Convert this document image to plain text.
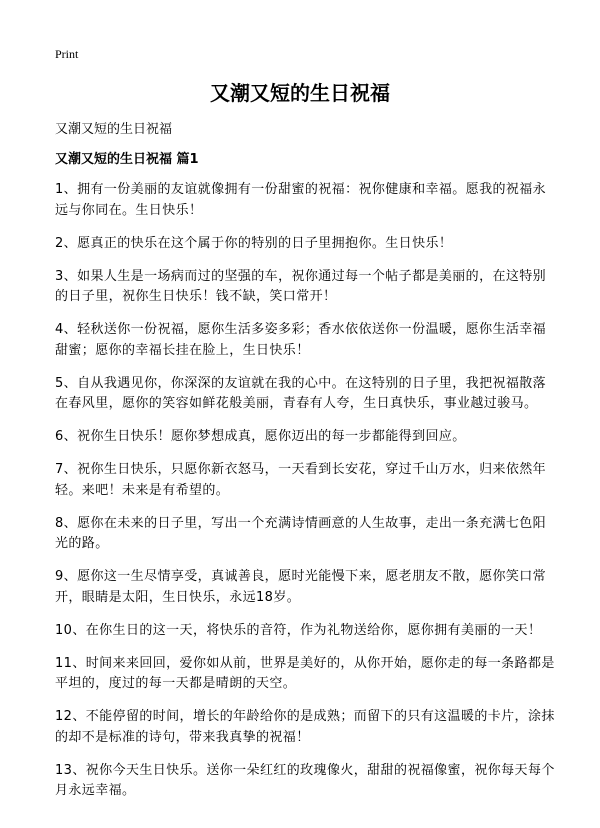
Print
又潮又短的生日祝福

又潮又短的生日祝福

又潮又短的生日祝福 篇1

1、拥有一份美丽的友谊就像拥有一份甜蜜的祝福：祝你健康和幸福。愿我的祝福永远与你同在。生日快乐！

2、愿真正的快乐在这个属于你的特别的日子里拥抱你。生日快乐！

3、如果人生是一场病而过的坚强的车，祝你通过每一个帖子都是美丽的，在这特别的日子里，祝你生日快乐！钱不缺，笑口常开！

4、轻秋送你一份祝福，愿你生活多姿多彩；香水依依送你一份温暖，愿你生活幸福甜蜜；愿你的幸福长挂在脸上，生日快乐！

5、自从我遇见你，你深深的友谊就在我的心中。在这特别的日子里，我把祝福散落在春风里，愿你的笑容如鲜花般美丽，青春有人夸，生日真快乐，事业越过骏马。

6、祝你生日快乐！愿你梦想成真，愿你迈出的每一步都能得到回应。

7、祝你生日快乐，只愿你新衣怒马，一天看到长安花，穿过千山万水，归来依然年轻。来吧！未来是有希望的。

8、愿你在未来的日子里，写出一个充满诗情画意的人生故事，走出一条充满七色阳光的路。

9、愿你这一生尽情享受，真诚善良，愿时光能慢下来，愿老朋友不散，愿你笑口常开，眼睛是太阳，生日快乐，永远18岁。

10、在你生日的这一天，将快乐的音符，作为礼物送给你，愿你拥有美丽的一天！

11、时间来来回回，爱你如从前，世界是美好的，从你开始，愿你走的每一条路都是平坦的，度过的每一天都是晴朗的天空。

12、不能停留的时间，增长的年龄给你的是成熟；而留下的只有这温暖的卡片，涂抹的却不是标准的诗句，带来我真挚的祝福！

13、祝你今天生日快乐。送你一朵红红的玫瑰像火，甜甜的祝福像蜜，祝你每天每个月永远幸福。
